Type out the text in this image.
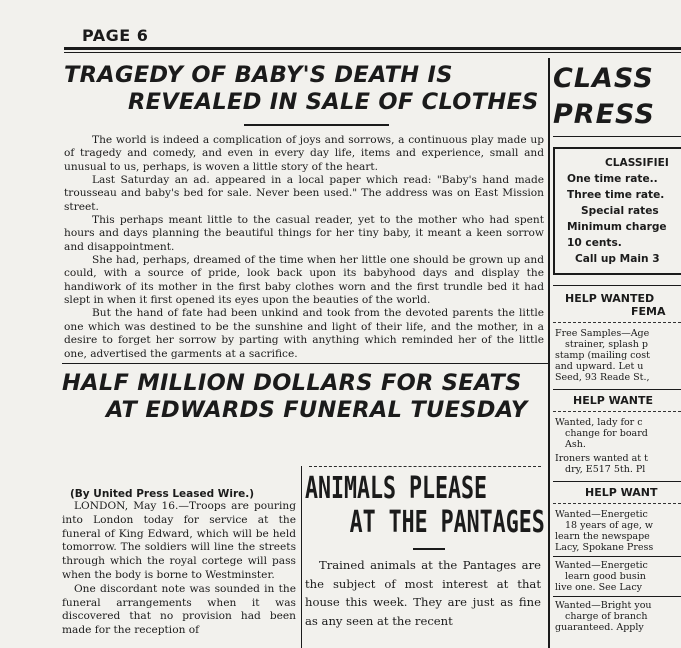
PAGE 6
TRAGEDY OF BABY'S DEATH IS
REVEALED IN SALE OF CLOTHES

The world is indeed a complication of joys and sorrows, a continuous play made up of tragedy and comedy, and even in every day life, items and experience, small and unusual to us, perhaps, is woven a little story of the heart.

Last Saturday an ad. appeared in a local paper which read: "Baby's hand made trousseau and baby's bed for sale. Never been used." The address was on East Mission street.

This perhaps meant little to the casual reader, yet to the mother who had spent hours and days planning the beautiful things for her tiny baby, it meant a keen sorrow and disappointment.

She had, perhaps, dreamed of the time when her little one should be grown up and could, with a source of pride, look back upon its babyhood days and display the handiwork of its mother in the first baby clothes worn and the first trundle bed it had slept in when it first opened its eyes upon the beauties of the world.

But the hand of fate had been unkind and took from the devoted parents the little one which was destined to be the sunshine and light of their life, and the mother, in a desire to forget her sorrow by parting with anything which reminded her of the little one, advertised the garments at a sacrifice.

HALF MILLION DOLLARS FOR SEATS
AT EDWARDS FUNERAL TUESDAY
(By United Press Leased Wire.)

LONDON, May 16.—Troops are pouring into London today for service at the funeral of King Edward, which will be held tomorrow. The soldiers will line the streets through which the royal cortege will pass when the body is borne to Westminster.

One discordant note was sounded in the funeral arrangements when it was discovered that no provision had been made for the reception of

ANIMALS PLEASE
AT THE PANTAGES

Trained animals at the Pantages are the subject of most interest at that house this week. They are just as fine as any seen at the recent

CLASS
PRESS
CLASSIFIEI
One time rate..
Three time rate.
Special rates
Minimum charge
10 cents.
Call up Main 3
HELP WANTED
FEMA
Free Samples—Age
strainer, splash p
stamp (mailing cost
and upward. Let u
Seed, 93 Reade St.,
HELP WANTE
Wanted, lady for c
change for board
Ash.
Ironers wanted at t
dry, E517 5th. Pl
HELP WANT
Wanted—Energetic
18 years of age, w
learn the newspape
Lacy, Spokane Press
Wanted—Energetic
learn good busin
live one. See Lacy
Wanted—Bright you
charge of branch
guaranteed. Apply
